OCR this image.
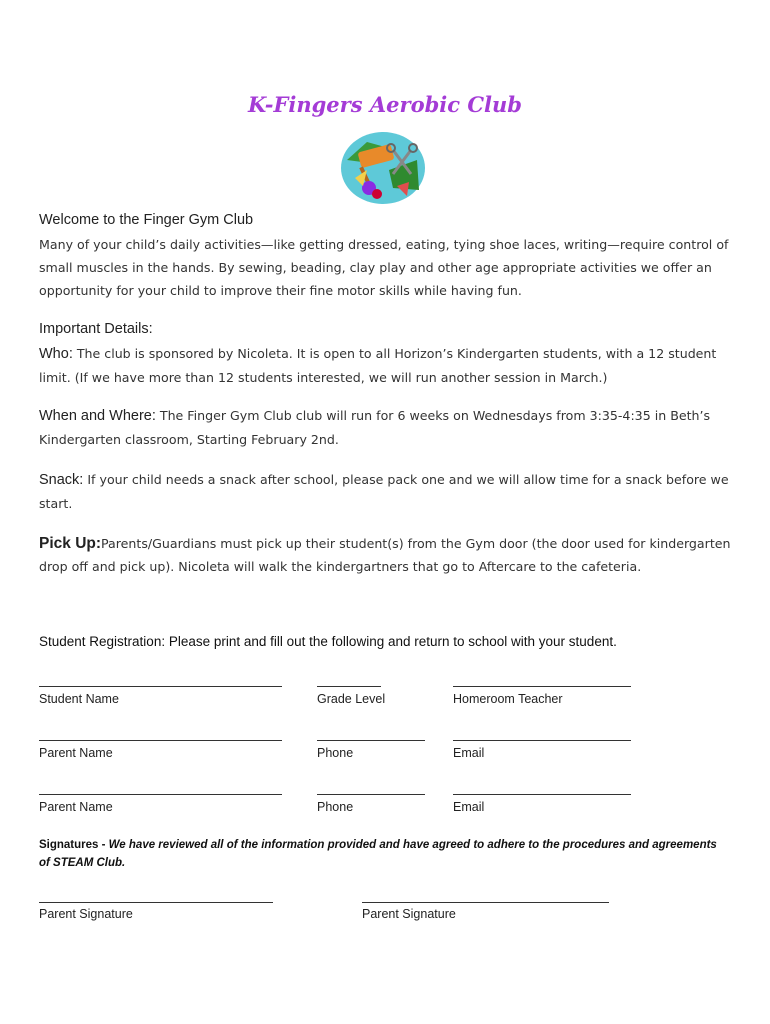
K-Fingers Aerobic Club
Welcome to the Finger Gym Club
Many of your child’s daily activities—like getting dressed, eating, tying shoe laces, writing—require control of small muscles in the hands. By sewing, beading, clay play and other age appropriate activities we offer an opportunity for your child to improve their fine motor skills while having fun.
Important Details:
Who: The club is sponsored by Nicoleta. It is open to all Horizon’s Kindergarten students, with a 12 student limit. (If we have more than 12 students interested, we will run another session in March.)
When and Where: The Finger Gym Club club will run for 6 weeks on Wednesdays from 3:35-4:35 in Beth’s Kindergarten classroom, Starting February 2nd.
Snack: If your child needs a snack after school, please pack one and we will allow time for a snack before we start.
Pick Up:Parents/Guardians must pick up their student(s) from the Gym door (the door used for kindergarten drop off and pick up). Nicoleta will walk the kindergartners that go to Aftercare to the cafeteria.
Student Registration: Please print and fill out the following and return to school with your student.
Student Name	Grade Level	Homeroom Teacher
Parent Name	Phone	Email
Parent Name	Phone	Email
Signatures - We have reviewed all of the information provided and have agreed to adhere to the procedures and agreements of STEAM Club.
Parent Signature	Parent Signature
